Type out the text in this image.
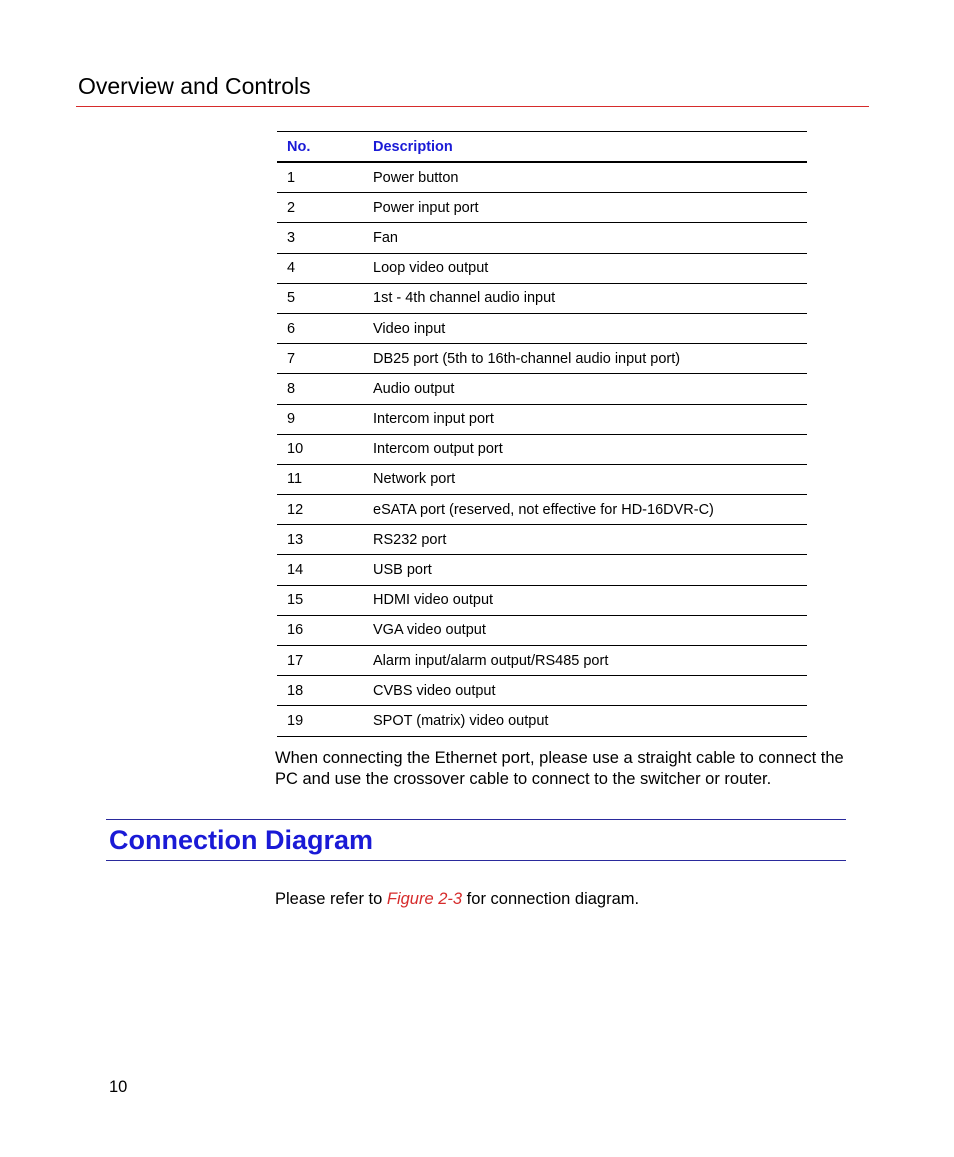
Overview and Controls
No.	Description
1	Power button
2	Power input port
3	Fan
4	Loop video output
5	1st - 4th channel audio input
6	Video input
7	DB25 port (5th to 16th-channel audio input port)
8	Audio output
9	Intercom input port
10	Intercom output port
11	Network port
12	eSATA port (reserved, not effective for HD-16DVR-C)
13	RS232 port
14	USB port
15	HDMI video output
16	VGA video output
17	Alarm input/alarm output/RS485 port
18	CVBS video output
19	SPOT (matrix) video output
When connecting the Ethernet port, please use a straight cable to connect the PC and use the crossover cable to connect to the switcher or router.
Connection Diagram
Please refer to Figure 2-3 for connection diagram.
10
